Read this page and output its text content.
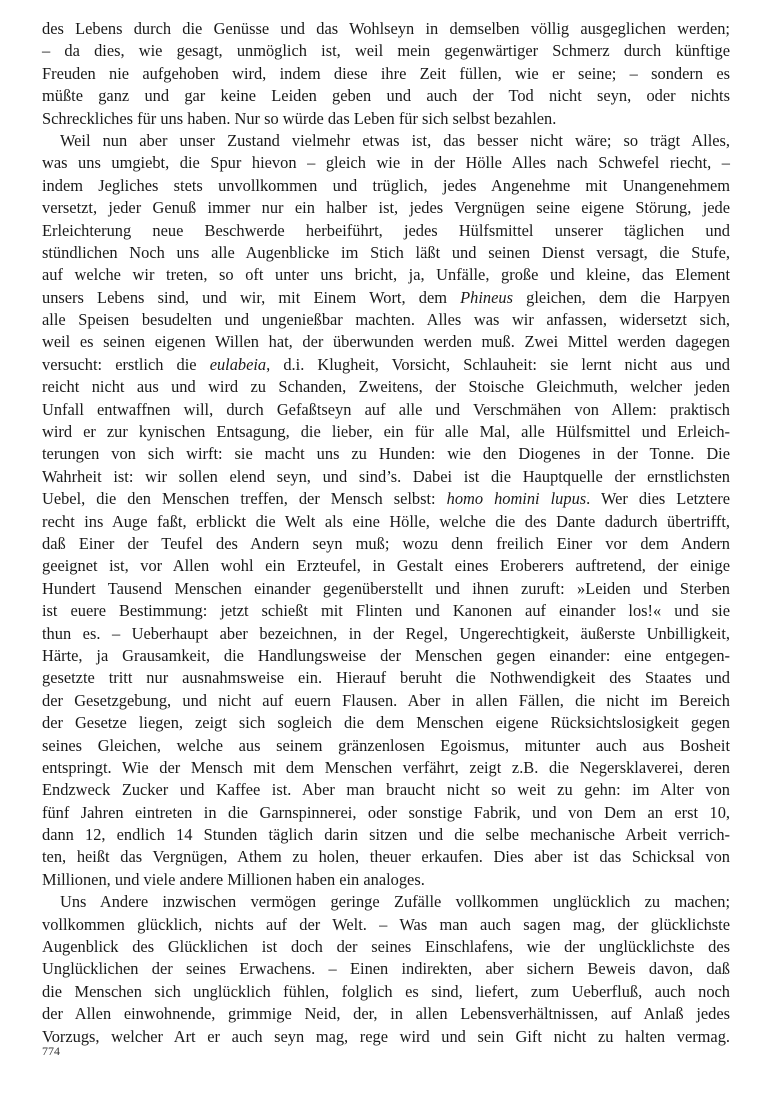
des Lebens durch die Genüsse und das Wohlseyn in demselben völlig ausgeglichen werden;
– da dies, wie gesagt, unmöglich ist, weil mein gegenwärtiger Schmerz durch künftige
Freuden nie aufgehoben wird, indem diese ihre Zeit füllen, wie er seine; – sondern es
müßte ganz und gar keine Leiden geben und auch der Tod nicht seyn, oder nichts
Schreckliches für uns haben. Nur so würde das Leben für sich selbst bezahlen.
Weil nun aber unser Zustand vielmehr etwas ist, das besser nicht wäre; so trägt Alles,
was uns umgiebt, die Spur hievon – gleich wie in der Hölle Alles nach Schwefel riecht, –
indem Jegliches stets unvollkommen und trüglich, jedes Angenehme mit Unangenehmem
versetzt, jeder Genuß immer nur ein halber ist, jedes Vergnügen seine eigene Störung, jede
Erleichterung neue Beschwerde herbeiführt, jedes Hülfsmittel unserer täglichen und
stündlichen Noch uns alle Augenblicke im Stich läßt und seinen Dienst versagt, die Stufe,
auf welche wir treten, so oft unter uns bricht, ja, Unfälle, große und kleine, das Element
unsers Lebens sind, und wir, mit Einem Wort, dem Phineus gleichen, dem die Harpyen
alle Speisen besudelten und ungenießbar machten. Alles was wir anfassen, widersetzt sich,
weil es seinen eigenen Willen hat, der überwunden werden muß. Zwei Mittel werden dagegen
versucht: erstlich die eulabeia, d.i. Klugheit, Vorsicht, Schlauheit: sie lernt nicht aus und
reicht nicht aus und wird zu Schanden, Zweitens, der Stoische Gleichmuth, welcher jeden
Unfall entwaffnen will, durch Gefaßtseyn auf alle und Verschmähen von Allem: praktisch
wird er zur kynischen Entsagung, die lieber, ein für alle Mal, alle Hülfsmittel und Erleich-
terungen von sich wirft: sie macht uns zu Hunden: wie den Diogenes in der Tonne. Die
Wahrheit ist: wir sollen elend seyn, und sind’s. Dabei ist die Hauptquelle der ernstlichsten
Uebel, die den Menschen treffen, der Mensch selbst: homo homini lupus. Wer dies Letztere
recht ins Auge faßt, erblickt die Welt als eine Hölle, welche die des Dante dadurch übertrifft,
daß Einer der Teufel des Andern seyn muß; wozu denn freilich Einer vor dem Andern
geeignet ist, vor Allen wohl ein Erzteufel, in Gestalt eines Eroberers auftretend, der einige
Hundert Tausend Menschen einander gegenüberstellt und ihnen zuruft: »Leiden und Sterben
ist euere Bestimmung: jetzt schießt mit Flinten und Kanonen auf einander los!« und sie
thun es. – Ueberhaupt aber bezeichnen, in der Regel, Ungerechtigkeit, äußerste Unbilligkeit,
Härte, ja Grausamkeit, die Handlungsweise der Menschen gegen einander: eine entgegen-
gesetzte tritt nur ausnahmsweise ein. Hierauf beruht die Nothwendigkeit des Staates und
der Gesetzgebung, und nicht auf euern Flausen. Aber in allen Fällen, die nicht im Bereich
der Gesetze liegen, zeigt sich sogleich die dem Menschen eigene Rücksichtslosigkeit gegen
seines Gleichen, welche aus seinem gränzenlosen Egoismus, mitunter auch aus Bosheit
entspringt. Wie der Mensch mit dem Menschen verfährt, zeigt z.B. die Negersklaverei, deren
Endzweck Zucker und Kaffee ist. Aber man braucht nicht so weit zu gehn: im Alter von
fünf Jahren eintreten in die Garnspinnerei, oder sonstige Fabrik, und von Dem an erst 10,
dann 12, endlich 14 Stunden täglich darin sitzen und die selbe mechanische Arbeit verrich-
ten, heißt das Vergnügen, Athem zu holen, theuer erkaufen. Dies aber ist das Schicksal von
Millionen, und viele andere Millionen haben ein analoges.
Uns Andere inzwischen vermögen geringe Zufälle vollkommen unglücklich zu machen;
vollkommen glücklich, nichts auf der Welt. – Was man auch sagen mag, der glücklichste
Augenblick des Glücklichen ist doch der seines Einschlafens, wie der unglücklichste des
Unglücklichen der seines Erwachens. – Einen indirekten, aber sichern Beweis davon, daß
die Menschen sich unglücklich fühlen, folglich es sind, liefert, zum Ueberfluß, auch noch
der Allen einwohnende, grimmige Neid, der, in allen Lebensverhältnissen, auf Anlaß jedes
Vorzugs, welcher Art er auch seyn mag, rege wird und sein Gift nicht zu halten vermag.
774
